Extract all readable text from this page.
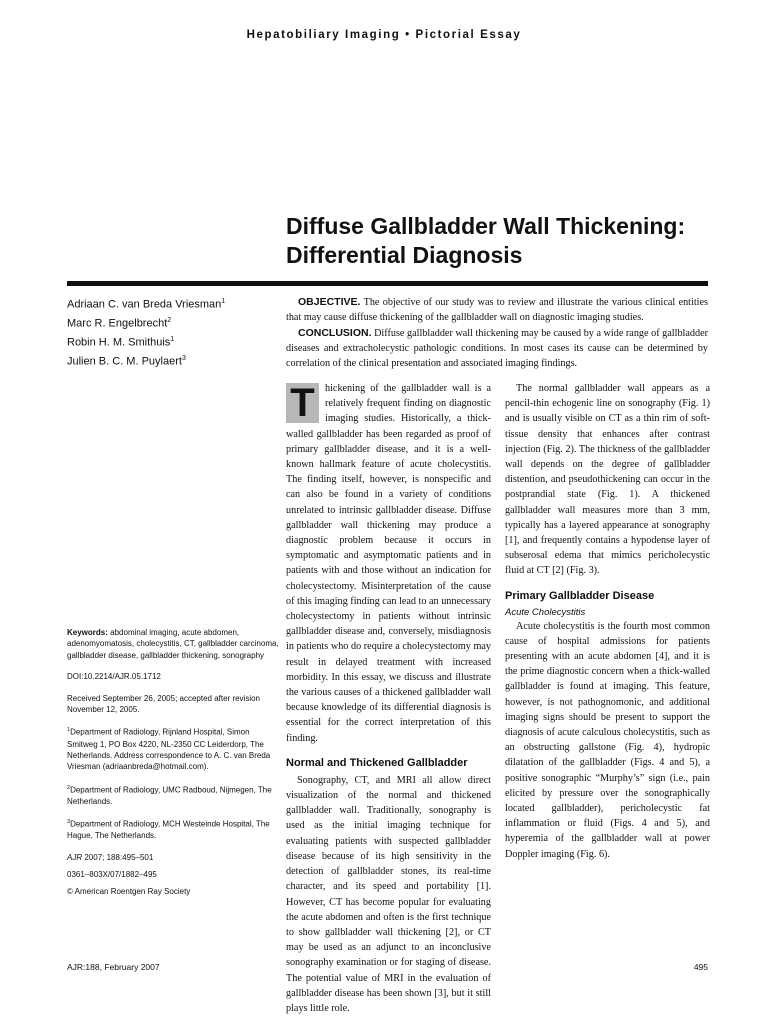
Hepatobiliary Imaging • Pictorial Essay
Diffuse Gallbladder Wall Thickening:
Differential Diagnosis
Adriaan C. van Breda Vriesman$^1$
Marc R. Engelbrecht$^2$
Robin H. M. Smithuis$^1$
Julien B. C. M. Puylaert$^3$

OBJECTIVE. The objective of our study was to review and illustrate the various clinical entities that may cause diffuse thickening of the gallbladder wall on diagnostic imaging studies.

CONCLUSION. Diffuse gallbladder wall thickening may be caused by a wide range of gallbladder diseases and extracholecystic pathologic conditions. In most cases its cause can be determined by correlation of the clinical presentation and associated imaging findings.

T	hickening of the gallbladder wall is a relatively frequent finding on diagnostic imaging studies. Historically, a thick-walled gallbladder has been regarded as proof of primary gallbladder disease, and it is a well-known hallmark feature of acute cholecystitis. The finding itself, however, is nonspecific and can also be found in a variety of conditions unrelated to intrinsic gallbladder disease. Diffuse gallbladder wall thickening may produce a diagnostic problem because it occurs in symptomatic and asymptomatic patients and in patients with and those without an indication for cholecystectomy. Misinterpretation of the cause of this imaging finding can lead to an unnecessary cholecystectomy in patients without intrinsic gallbladder disease and, conversely, misdiagnosis in patients who do require a cholecystectomy may result in delayed treatment with increased morbidity. In this essay, we discuss and illustrate the various causes of a thickened gallbladder wall because knowledge of its differential diagnosis is essential for the correct interpretation of this finding.

Normal and Thickened Gallbladder

Sonography, CT, and MRI all allow direct visualization of the normal and thickened gallbladder wall. Traditionally, sonography is used as the initial imaging technique for evaluating patients with suspected gallbladder disease because of its high sensitivity in the detection of gallbladder stones, its real-time character, and its speed and portability [1]. However, CT has become popular for evaluating the acute abdomen and often is the first technique to show gallbladder wall thickening [2], or CT may be used as an adjunct to an inconclusive sonography examination or for staging of disease. The potential value of MRI in the evaluation of gallbladder disease has been shown [3], but it still plays little role.

The normal gallbladder wall appears as a pencil-thin echogenic line on sonography (Fig. 1) and is usually visible on CT as a thin rim of soft-tissue density that enhances after contrast injection (Fig. 2). The thickness of the gallbladder wall depends on the degree of gallbladder distention, and pseudothickening can occur in the postprandial state (Fig. 1). A thickened gallbladder wall measures more than 3 mm, typically has a layered appearance at sonography [1], and frequently contains a hypodense layer of subserosal edema that mimics pericholecystic fluid at CT [2] (Fig. 3).

Primary Gallbladder Disease
Acute Cholecystitis

Acute cholecystitis is the fourth most common cause of hospital admissions for patients presenting with an acute abdomen [4], and it is the prime diagnostic concern when a thick-walled gallbladder is found at imaging. This feature, however, is not pathognomonic, and additional imaging signs should be present to support the diagnosis of acute calculous cholecystitis, such as an obstructing gallstone (Fig. 4), hydropic dilatation of the gallbladder (Figs. 4 and 5), a positive sonographic “Murphy’s” sign (i.e., pain elicited by pressure over the sonographically located gallbladder), pericholecystic fat inflammation or fluid (Figs. 4 and 5), and hyperemia of the gallbladder wall at power Doppler imaging (Fig. 6).

Keywords: abdominal imaging, acute abdomen, adenomyomatosis, cholecystitis, CT, gallbladder carcinoma, gallbladder disease, gallbladder thickening, sonography

DOI:10.2214/AJR.05.1712

Received September 26, 2005; accepted after revision November 12, 2005.

$^1$Department of Radiology, Rijnland Hospital, Simon Smitweg 1, PO Box 4220, NL-2350 CC Leiderdorp, The Netherlands. Address correspondence to A. C. van Breda Vriesman (adriaanbreda@hotmail.com).

$^2$Department of Radiology, UMC Radboud, Nijmegen, The Netherlands.

$^3$Department of Radiology, MCH Westeinde Hospital, The Hague, The Netherlands.

AJR 2007; 188:495–501

0361–803X/07/1882–495

© American Roentgen Ray Society

AJR:188, February 2007	495
